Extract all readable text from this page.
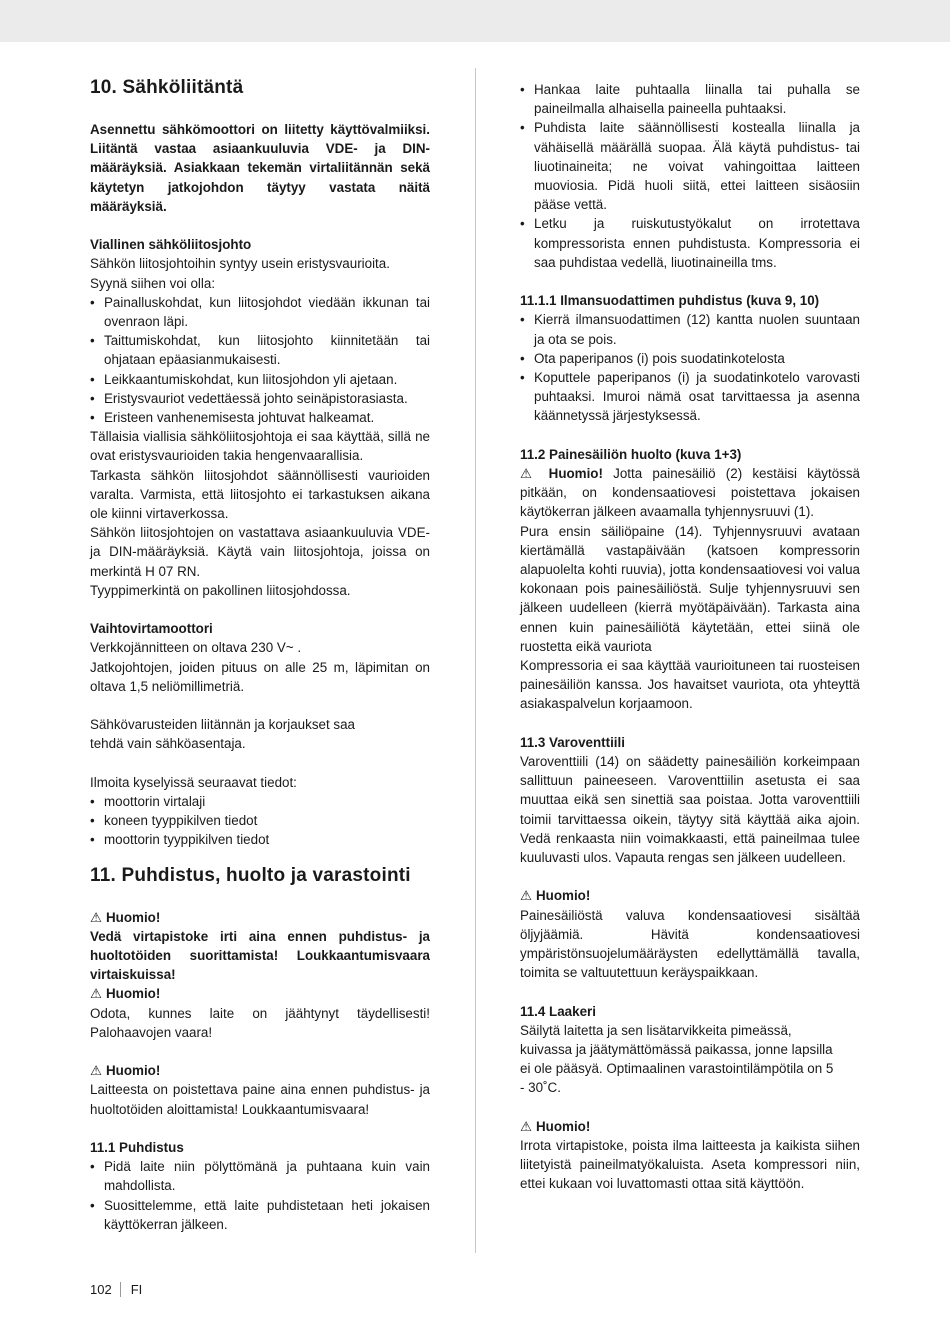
10. Sähköliitäntä

Asennettu sähkömoottori on liitetty käyttövalmiiksi. Liitäntä vastaa asiaankuuluvia VDE- ja DIN-määräyksiä. Asiakkaan tekemän virtaliitännän sekä käytetyn jatkojohdon täytyy vastata näitä määräyksiä.

Viallinen sähköliitosjohto

Sähkön liitosjohtoihin syntyy usein eristysvaurioita.

Syynä siihen voi olla:

• Painalluskohdat, kun liitosjohdot viedään ikkunan tai ovenraon läpi.
• Taittumiskohdat, kun liitosjohto kiinnitetään tai ohjataan epäasianmukaisesti.
• Leikkaantumiskohdat, kun liitosjohdon yli ajetaan.
• Eristysvauriot vedettäessä johto seinäpistorasiasta.
• Eristeen vanhenemisesta johtuvat halkeamat.

Tällaisia viallisia sähköliitosjohtoja ei saa käyttää, sillä ne ovat eristysvaurioiden takia hengenvaarallisia.

Tarkasta sähkön liitosjohdot säännöllisesti vaurioiden varalta. Varmista, että liitosjohto ei tarkastuksen aikana ole kiinni virtaverkossa.

Sähkön liitosjohtojen on vastattava asiaankuuluvia VDE- ja DIN-määräyksiä. Käytä vain liitosjohtoja, joissa on merkintä H 07 RN.

Tyyppimerkintä on pakollinen liitosjohdossa.

Vaihtovirtamoottori

Verkkojännitteen on oltava 230 V~ .

Jatkojohtojen, joiden pituus on alle 25 m, läpimitan on oltava 1,5 neliömillimetriä.

Sähkövarusteiden liitännän ja korjaukset saa tehdä vain sähköasentaja.

Ilmoita kyselyissä seuraavat tiedot:

• moottorin virtalaji
• koneen tyyppikilven tiedot
• moottorin tyyppikilven tiedot
11. Puhdistus, huolto ja varastointi
⚠ Huomio!

Vedä virtapistoke irti aina ennen puhdistus- ja huoltotöiden suorittamista! Loukkaantumisvaara virtaiskuissa!

⚠ Huomio!

Odota, kunnes laite on jäähtynyt täydellisesti! Palohaavojen vaara!

⚠ Huomio!

Laitteesta on poistettava paine aina ennen puhdistus- ja huoltotöiden aloittamista! Loukkaantumisvaara!

11.1 Puhdistus
• Pidä laite niin pölyttömänä ja puhtaana kuin vain mahdollista.
• Suosittelemme, että laite puhdistetaan heti jokaisen käyttökerran jälkeen.
• Hankaa laite puhtaalla liinalla tai puhalla se paineilmalla alhaisella paineella puhtaaksi.
• Puhdista laite säännöllisesti kostealla liinalla ja vähäisellä määrällä suopaa. Älä käytä puhdistus- tai liuotinaineita; ne voivat vahingoittaa laitteen muoviosia. Pidä huoli siitä, ettei laitteen sisäosiin pääse vettä.
• Letku ja ruiskutustyökalut on irrotettava kompressorista ennen puhdistusta. Kompressoria ei saa puhdistaa vedellä, liuotinaineilla tms.
11.1.1 Ilmansuodattimen puhdistus (kuva 9, 10)
• Kierrä ilmansuodattimen (12) kantta nuolen suuntaan ja ota se pois.
• Ota paperipanos (i) pois suodatinkotelosta
• Koputtele paperipanos (i) ja suodatinkotelo varovasti puhtaaksi. Imuroi nämä osat tarvittaessa ja asenna käännetyssä järjestyksessä.
11.2 Painesäiliön huolto (kuva 1+3)

⚠ Huomio! Jotta painesäiliö (2) kestäisi käytössä pitkään, on kondensaatiovesi poistettava jokaisen käytökerran jälkeen avaamalla tyhjennysruuvi (1).

Pura ensin säiliöpaine (14). Tyhjennysruuvi avataan kiertämällä vastapäivään (katsoen kompressorin alapuolelta kohti ruuvia), jotta kondensaatiovesi voi valua kokonaan pois painesäiliöstä. Sulje tyhjennysruuvi sen jälkeen uudelleen (kierrä myötäpäivään). Tarkasta aina ennen kuin painesäiliötä käytetään, ettei siinä ole ruostetta eikä vauriota

Kompressoria ei saa käyttää vaurioituneen tai ruosteisen painesäiliön kanssa. Jos havaitset vauriota, ota yhteyttä asiakaspalvelun korjaamoon.

11.3 Varoventtiili

Varoventtiili (14) on säädetty painesäiliön korkeimpaan sallittuun paineeseen. Varoventtiilin asetusta ei saa muuttaa eikä sen sinettiä saa poistaa. Jotta varoventtiili toimii tarvittaessa oikein, täytyy sitä käyttää aika ajoin. Vedä renkaasta niin voimakkaasti, että paineilmaa tulee kuuluvasti ulos. Vapauta rengas sen jälkeen uudelleen.

⚠ Huomio!

Painesäiliöstä valuva kondensaatiovesi sisältää öljyjäämiä. Hävitä kondensaatiovesi ympäristönsuojelumääräysten edellyttämällä tavalla, toimita se valtuutettuun keräyspaikkaan.

11.4 Laakeri

Säilytä laitetta ja sen lisätarvikkeita pimeässä, kuivassa ja jäätymättömässä paikassa, jonne lapsilla ei ole pääsyä. Optimaalinen varastointilämpötila on 5 - 30˚C.

⚠ Huomio!

Irrota virtapistoke, poista ilma laitteesta ja kaikista siihen liitetyistä paineilmatyökaluista. Aseta kompressori niin, ettei kukaan voi luvattomasti ottaa sitä käyttöön.

102 FI
